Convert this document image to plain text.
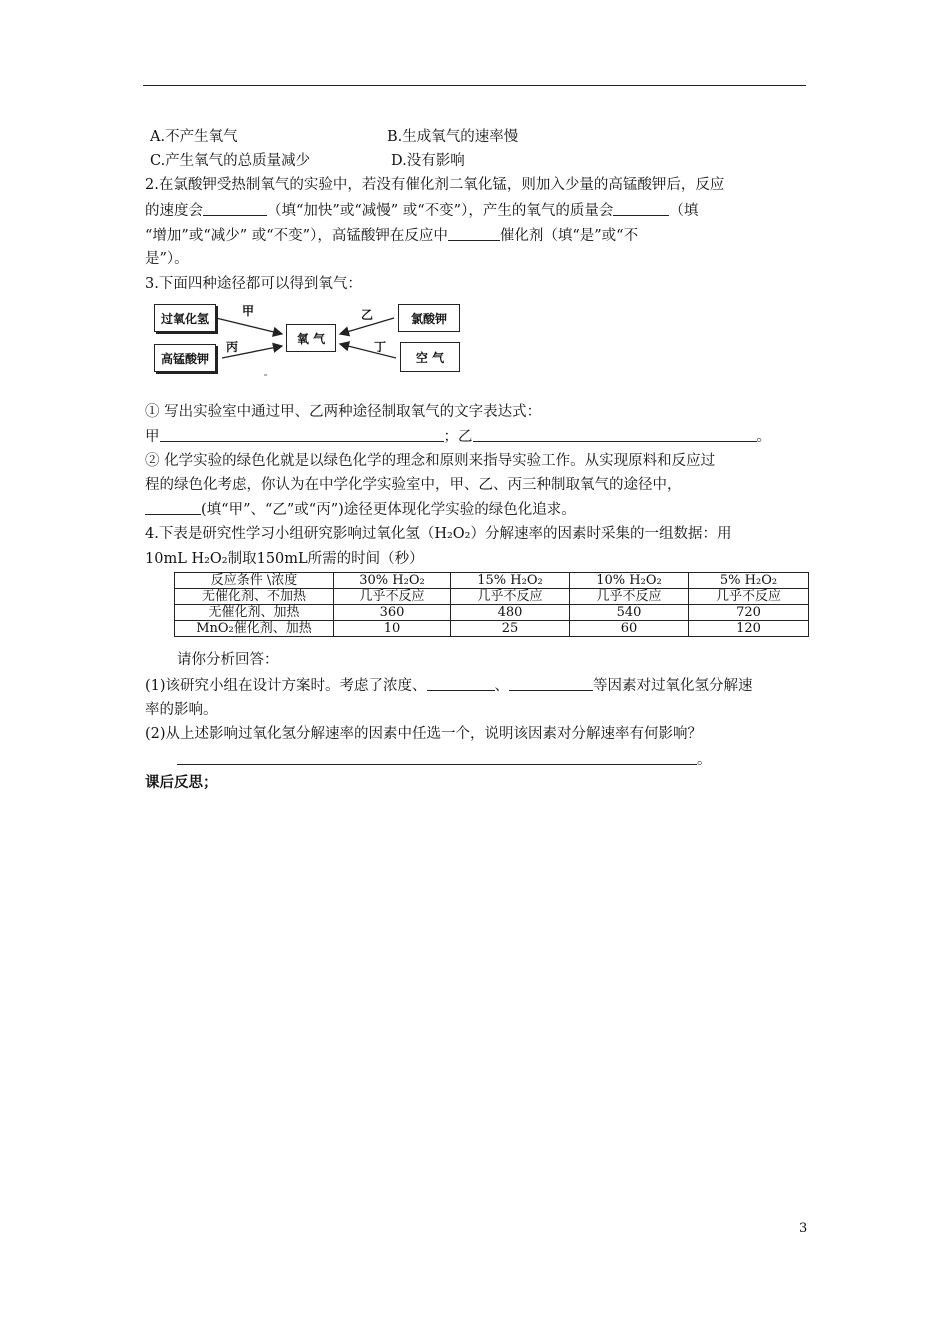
A.不产生氧气	B.生成氧气的速率慢
C.产生氧气的总质量减少	D.没有影响
2.在氯酸钾受热制氧气的实验中，若没有催化剂二氧化锰，则加入少量的高锰酸钾后，反应
的速度会	（填“加快”或“减慢” 或“不变”），产生的氧气的质量会	（填
“增加”或“减少” 或“不变”），高锰酸钾在反应中	催化剂（填“是”或“不
是”）。
3.下面四种途径都可以得到氧气：
过氧化氢
高锰酸钾
氧 气
氯酸钾
空 气
甲
丙
乙
丁
① 写出实验室中通过甲、乙两种途径制取氧气的文字表达式：
甲	；乙	。
② 化学实验的绿色化就是以绿色化学的理念和原则来指导实验工作。从实现原料和反应过
程的绿色化考虑，你认为在中学化学实验室中，甲、乙、丙三种制取氧气的途径中，
(填“甲”、“乙”或“丙”)途径更体现化学实验的绿色化追求。
4.下表是研究性学习小组研究影响过氧化氢（H₂O₂）分解速率的因素时采集的一组数据：用
10mL H₂O₂制取150mL所需的时间（秒）
反应条件 \浓度	30% H₂O₂	15% H₂O₂	10% H₂O₂	5% H₂O₂
无催化剂、不加热	几乎不反应	几乎不反应	几乎不反应	几乎不反应
无催化剂、加热	360	480	540	720
MnO₂催化剂、加热	10	25	60	120
请你分析回答：
(1)该研究小组在设计方案时。考虑了浓度、	、	等因素对过氧化氢分解速
率的影响。
(2)从上述影响过氧化氢分解速率的因素中任选一个，说明该因素对分解速率有何影响？
。
课后反思；
3
